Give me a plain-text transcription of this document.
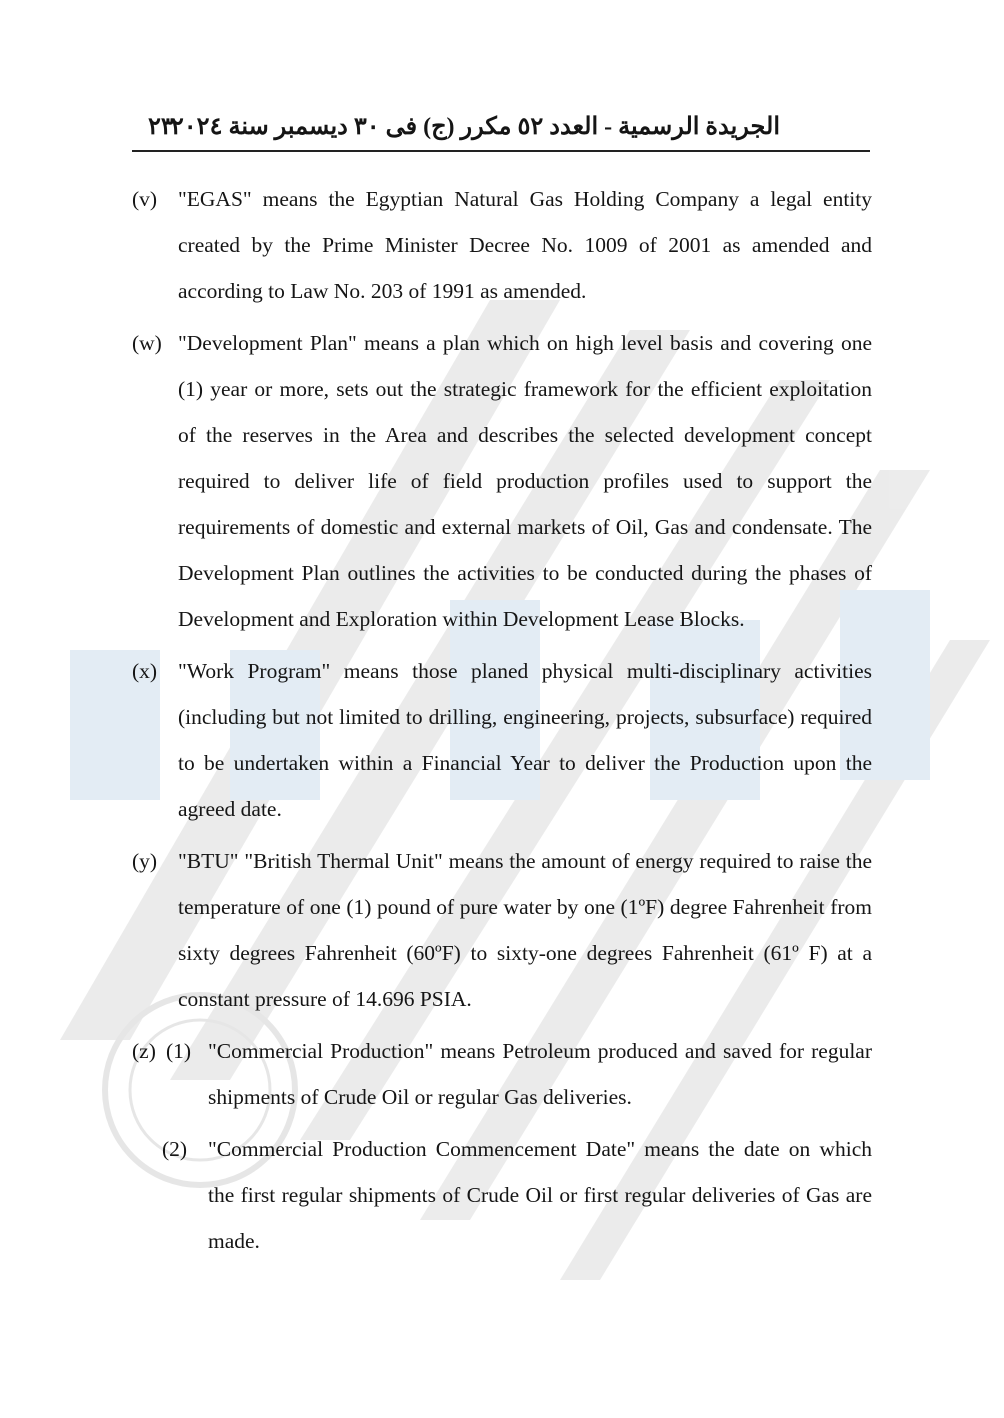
٢٣
الجريدة الرسمية - العدد ٥٢ مكرر (ج) فى ٣٠ ديسمبر سنة ٢٠٢٤
(v) "EGAS" means the Egyptian Natural Gas Holding Company a legal entity created by the Prime Minister Decree No. 1009 of 2001 as amended and according to Law No. 203 of 1991 as amended.
(w) "Development Plan" means a plan which on high level basis and covering one (1) year or more, sets out the strategic framework for the efficient exploitation of the reserves in the Area and describes the selected development concept required to deliver life of field production profiles used to support the requirements of domestic and external markets of Oil, Gas and condensate. The Development Plan outlines the activities to be conducted during the phases of Development and Exploration within Development Lease Blocks.
(x) "Work Program" means those planed physical multi-disciplinary activities (including but not limited to drilling, engineering, projects, subsurface) required to be undertaken within a Financial Year to deliver the Production upon the agreed date.
(y) "BTU" "British Thermal Unit" means the amount of energy required to raise the temperature of one (1) pound of pure water by one (1ºF) degree Fahrenheit from sixty degrees Fahrenheit (60ºF) to sixty-one degrees Fahrenheit (61º F) at a constant pressure of 14.696 PSIA.
(z) (1) "Commercial Production" means Petroleum produced and saved for regular shipments of Crude Oil or regular Gas deliveries.
(2) "Commercial Production Commencement Date" means the date on which the first regular shipments of Crude Oil or first regular deliveries of Gas are made.
